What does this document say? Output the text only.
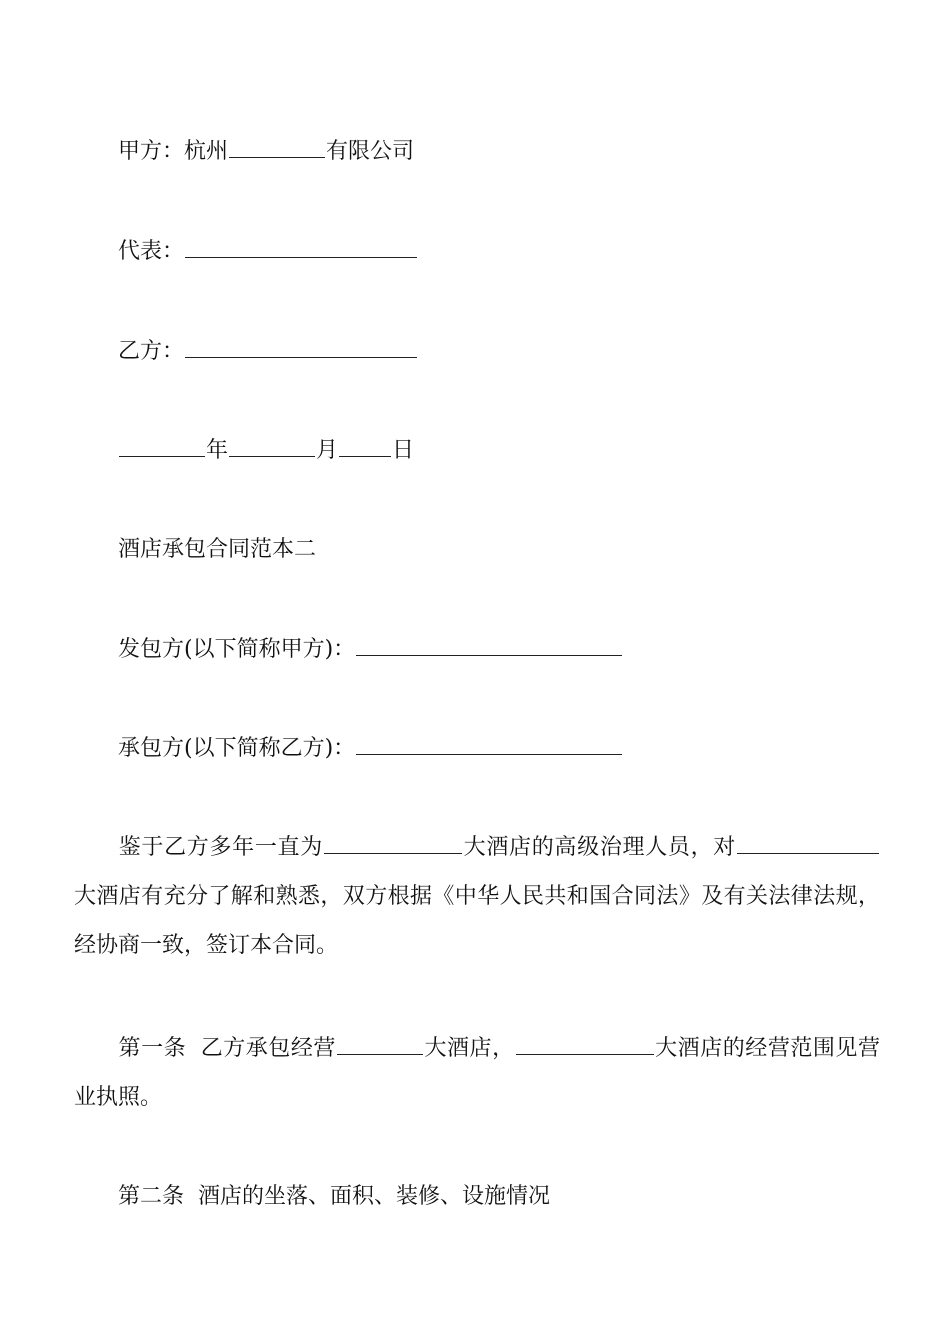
甲方：杭州	有限公司
代表：
乙方：
年	月 日
酒店承包合同范本二
发包方(以下简称甲方)：
承包方(以下简称乙方)：
鉴于乙方多年一直为	大酒店的高级治理人员，对大酒店有充分了解和熟悉，双方根据《中华人民共和国合同法》及有关法律法规，经协商一致，签订本合同。
第一条 乙方承包经营	大酒店，	大酒店的经营范围见营业执照。
第二条 酒店的坐落、面积、装修、设施情况
